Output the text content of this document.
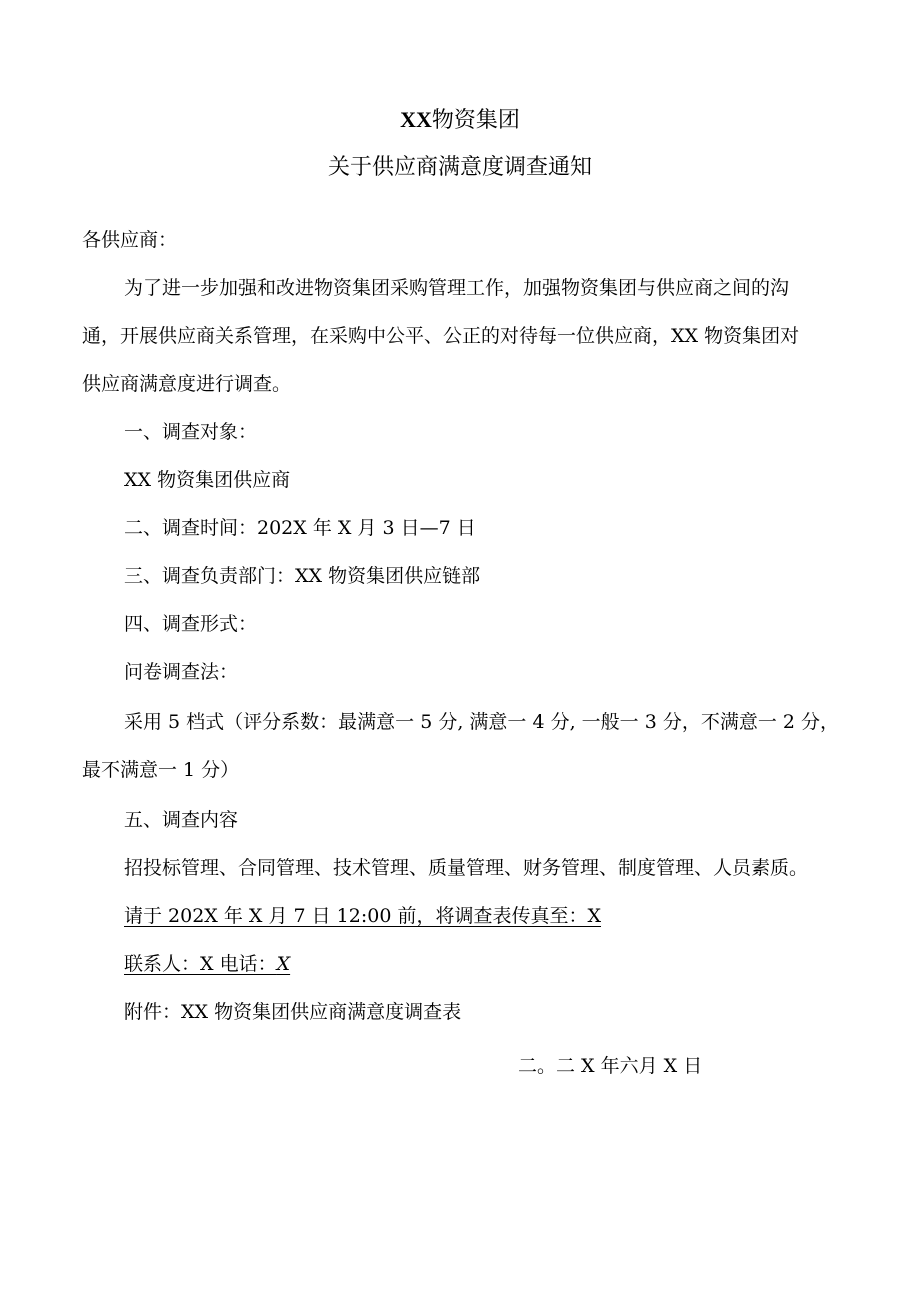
XX物资集团
关于供应商满意度调查通知
各供应商：
为了进一步加强和改进物资集团采购管理工作，加强物资集团与供应商之间的沟
通，开展供应商关系管理，在采购中公平、公正的对待每一位供应商，XX 物资集团对
供应商满意度进行调查。
一、调查对象：
XX 物资集团供应商
二、调查时间：202X 年 X 月 3 日—7 日
三、调查负责部门：XX 物资集团供应链部
四、调查形式：
问卷调查法：
采用 5 档式（评分系数：最满意一 5 分, 满意一 4 分, 一般一 3 分，不满意一 2 分，
最不满意一 1 分）
五、调查内容
招投标管理、合同管理、技术管理、质量管理、财务管理、制度管理、人员素质。
请于 202X 年 X 月 7 日 12:00 前，将调查表传真至：X
联系人：X 电话：X
附件：XX 物资集团供应商满意度调查表
二。二 X 年六月 X 日
